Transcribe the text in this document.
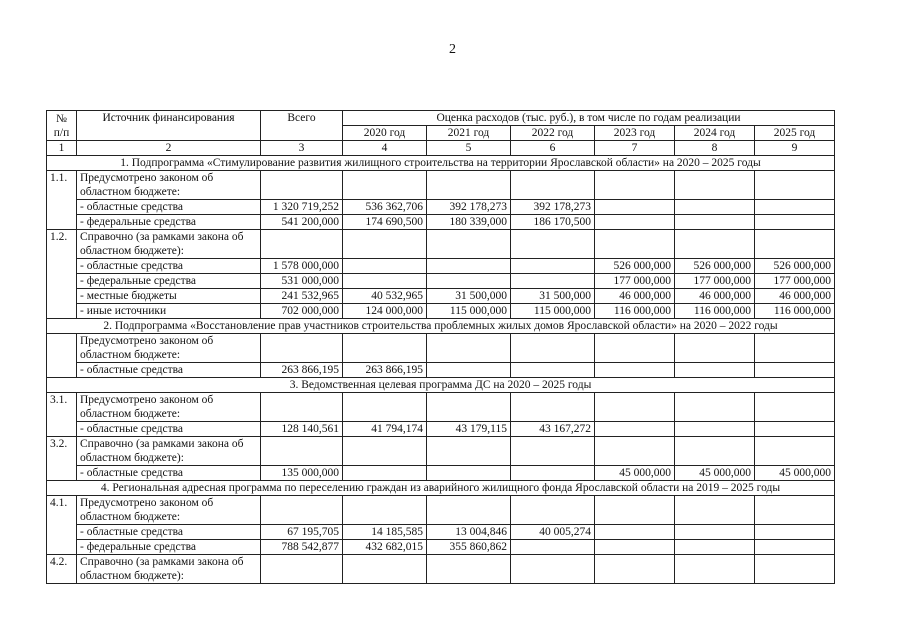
2
№ п/п	Источник финансирования	Всего	Оценка расходов (тыс. руб.), в том числе по годам реализации					
			2020 год	2021 год	2022 год	2023 год	2024 год	2025 год
1	2	3	4	5	6	7	8	9
1. Подпрограмма «Стимулирование развития жилищного строительства на территории Ярославской области» на 2020 – 2025 годы								
1.1.	Предусмотрено законом об областном бюджете:							

	- областные средства	1 320 719,252	536 362,706	392 178,273	392 178,273			
	- федеральные средства	541 200,000	174 690,500	180 339,000	186 170,500			
1.2.	Справочно (за рамками закона об областном бюджете):							

	- областные средства	1 578 000,000				526 000,000	526 000,000	526 000,000
	- федеральные средства	531 000,000				177 000,000	177 000,000	177 000,000
	- местные бюджеты	241 532,965	40 532,965	31 500,000	31 500,000	46 000,000	46 000,000	46 000,000
	- иные источники	702 000,000	124 000,000	115 000,000	115 000,000	116 000,000	116 000,000	116 000,000
2. Подпрограмма «Восстановление прав участников строительства проблемных жилых домов Ярославской области» на 2020 – 2022 годы								
	Предусмотрено законом об областном бюджете:							

	- областные средства	263 866,195	263 866,195					
3. Ведомственная целевая программа ДС на 2020 – 2025 годы								
3.1.	Предусмотрено законом об областном бюджете:							

	- областные средства	128 140,561	41 794,174	43 179,115	43 167,272			
3.2.	Справочно (за рамками закона об областном бюджете):							

	- областные средства	135 000,000				45 000,000	45 000,000	45 000,000
4. Региональная адресная программа по переселению граждан из аварийного жилищного фонда Ярославской области на 2019 – 2025 годы								
4.1.	Предусмотрено законом об областном бюджете:							

	- областные средства	67 195,705	14 185,585	13 004,846	40 005,274			
	- федеральные средства	788 542,877	432 682,015	355 860,862				
4.2.	Справочно (за рамками закона об областном бюджете):							
